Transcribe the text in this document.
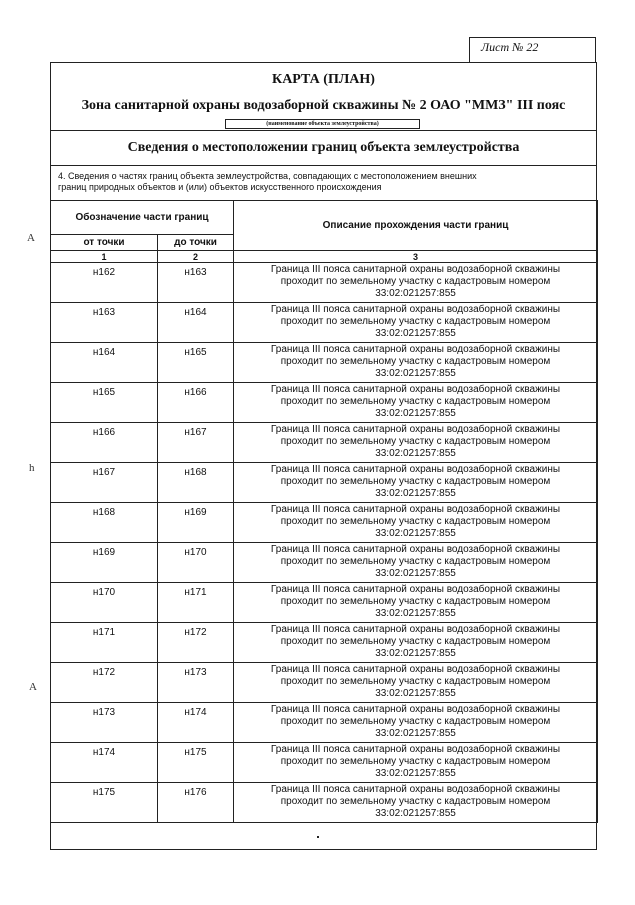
Лист № 22
КАРТА (ПЛАН)
Зона санитарной охраны водозаборной скважины № 2 ОАО "ММЗ" III пояс
(наименование объекта землеустройства)
Сведения о местоположении границ объекта землеустройства
4. Сведения о частях границ объекта землеустройства, совпадающих с местоположением внешних
границ природных объектов и (или) объектов искусственного происхождения
Обозначение части границ		Описание прохождения части границ
от точки	до точки	
1	2	3
н162	н163	Граница III пояса санитарной охраны водозаборной скважины
проходит по земельному участку с кадастровым номером
33:02:021257:855

н163	н164	Граница III пояса санитарной охраны водозаборной скважины
проходит по земельному участку с кадастровым номером
33:02:021257:855

н164	н165	Граница III пояса санитарной охраны водозаборной скважины
проходит по земельному участку с кадастровым номером
33:02:021257:855

н165	н166	Граница III пояса санитарной охраны водозаборной скважины
проходит по земельному участку с кадастровым номером
33:02:021257:855

н166	н167	Граница III пояса санитарной охраны водозаборной скважины
проходит по земельному участку с кадастровым номером
33:02:021257:855

н167	н168	Граница III пояса санитарной охраны водозаборной скважины
проходит по земельному участку с кадастровым номером
33:02:021257:855

н168	н169	Граница III пояса санитарной охраны водозаборной скважины
проходит по земельному участку с кадастровым номером
33:02:021257:855

н169	н170	Граница III пояса санитарной охраны водозаборной скважины
проходит по земельному участку с кадастровым номером
33:02:021257:855

н170	н171	Граница III пояса санитарной охраны водозаборной скважины
проходит по земельному участку с кадастровым номером
33:02:021257:855

н171	н172	Граница III пояса санитарной охраны водозаборной скважины
проходит по земельному участку с кадастровым номером
33:02:021257:855

н172	н173	Граница III пояса санитарной охраны водозаборной скважины
проходит по земельному участку с кадастровым номером
33:02:021257:855

н173	н174	Граница III пояса санитарной охраны водозаборной скважины
проходит по земельному участку с кадастровым номером
33:02:021257:855

н174	н175	Граница III пояса санитарной охраны водозаборной скважины
проходит по земельному участку с кадастровым номером
33:02:021257:855

н175	н176	Граница III пояса санитарной охраны водозаборной скважины
проходит по земельному участку с кадастровым номером
33:02:021257:855
A
h
A
